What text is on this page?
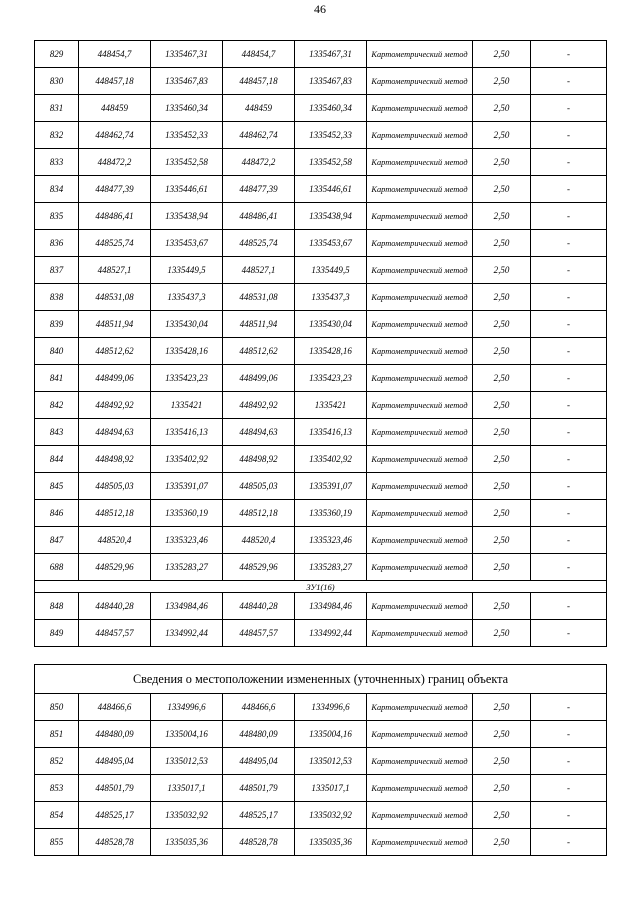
46
829	448454,7	1335467,31	448454,7	1335467,31	Картометрический метод	2,50	-
830	448457,18	1335467,83	448457,18	1335467,83	Картометрический метод	2,50	-
831	448459	1335460,34	448459	1335460,34	Картометрический метод	2,50	-
832	448462,74	1335452,33	448462,74	1335452,33	Картометрический метод	2,50	-
833	448472,2	1335452,58	448472,2	1335452,58	Картометрический метод	2,50	-
834	448477,39	1335446,61	448477,39	1335446,61	Картометрический метод	2,50	-
835	448486,41	1335438,94	448486,41	1335438,94	Картометрический метод	2,50	-
836	448525,74	1335453,67	448525,74	1335453,67	Картометрический метод	2,50	-
837	448527,1	1335449,5	448527,1	1335449,5	Картометрический метод	2,50	-
838	448531,08	1335437,3	448531,08	1335437,3	Картометрический метод	2,50	-
839	448511,94	1335430,04	448511,94	1335430,04	Картометрический метод	2,50	-
840	448512,62	1335428,16	448512,62	1335428,16	Картометрический метод	2,50	-
841	448499,06	1335423,23	448499,06	1335423,23	Картометрический метод	2,50	-
842	448492,92	1335421	448492,92	1335421	Картометрический метод	2,50	-
843	448494,63	1335416,13	448494,63	1335416,13	Картометрический метод	2,50	-
844	448498,92	1335402,92	448498,92	1335402,92	Картометрический метод	2,50	-
845	448505,03	1335391,07	448505,03	1335391,07	Картометрический метод	2,50	-
846	448512,18	1335360,19	448512,18	1335360,19	Картометрический метод	2,50	-
847	448520,4	1335323,46	448520,4	1335323,46	Картометрический метод	2,50	-
688	448529,96	1335283,27	448529,96	1335283,27	Картометрический метод	2,50	-
ЗУ1(16)							
848	448440,28	1334984,46	448440,28	1334984,46	Картометрический метод	2,50	-
849	448457,57	1334992,44	448457,57	1334992,44	Картометрический метод	2,50	-
Сведения о местоположении измененных (уточненных) границ объекта							
850	448466,6	1334996,6	448466,6	1334996,6	Картометрический метод	2,50	-
851	448480,09	1335004,16	448480,09	1335004,16	Картометрический метод	2,50	-
852	448495,04	1335012,53	448495,04	1335012,53	Картометрический метод	2,50	-
853	448501,79	1335017,1	448501,79	1335017,1	Картометрический метод	2,50	-
854	448525,17	1335032,92	448525,17	1335032,92	Картометрический метод	2,50	-
855	448528,78	1335035,36	448528,78	1335035,36	Картометрический метод	2,50	-
